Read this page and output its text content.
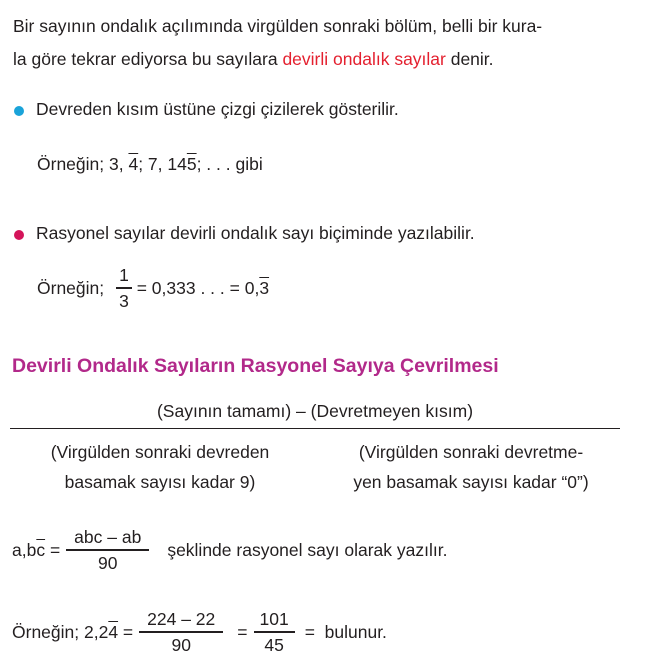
Bir sayının ondalık açılımında virgülden sonraki bölüm, belli bir kura-
la göre tekrar ediyorsa bu sayılara devirli ondalık sayılar denir.
Devreden kısım üstüne çizgi çizilerek gösterilir.
Örneğin; 3, 4; 7, 145; . . . gibi
Rasyonel sayılar devirli ondalık sayı biçiminde yazılabilir.
Örneğin; $\frac{1}{3} = 0,333$ . . . = 0, 3
Devirli Ondalık Sayıların Rasyonel Sayıya Çevrilmesi
(Sayının tamamı) – (Devretmeyen kısım)
(Virgülden sonraki devreden
basamak sayısı kadar 9)
(Virgülden sonraki devretme-
yen basamak sayısı kadar “0”)
a,b $\overline{c} = \frac{\text{abc – ab}}{90}$ şeklinde rasyonel sayı olarak yazılır.
Örneğin; 2,2 $4 = \frac{224 - 22}{90} = \frac{101}{45}$ =  bulunur.
